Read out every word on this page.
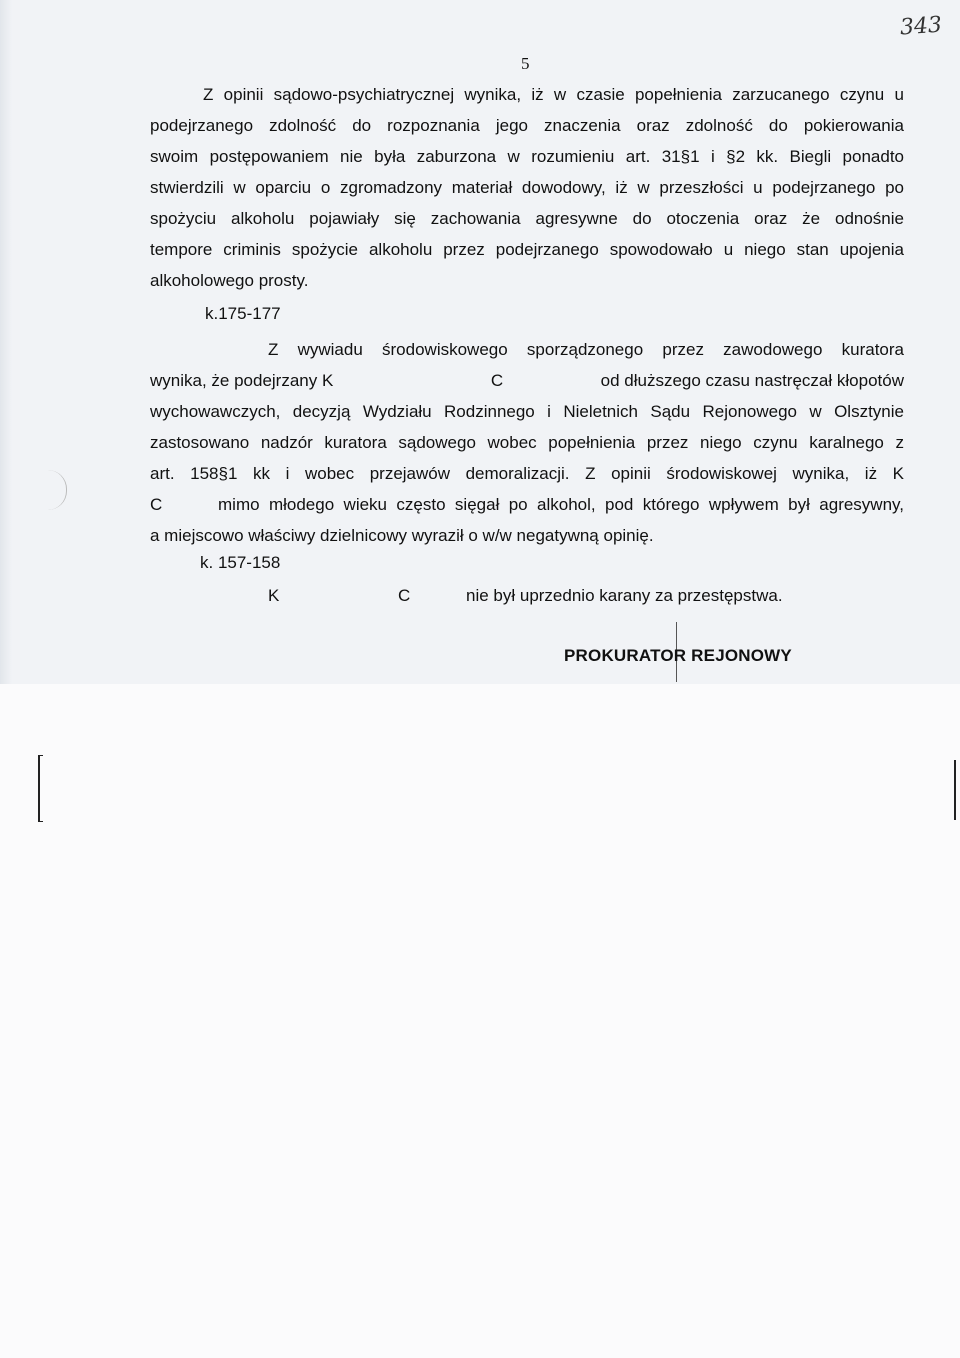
343
5
Z opinii sądowo-psychiatrycznej wynika, iż w czasie popełnienia zarzucanego czynu u
podejrzanego zdolność do rozpoznania jego znaczenia oraz zdolność do pokierowania
swoim postępowaniem nie była zaburzona w rozumieniu art. 31§1 i §2 kk. Biegli ponadto
stwierdzili w oparciu o zgromadzony materiał dowodowy, iż w przeszłości u podejrzanego po
spożyciu alkoholu pojawiały się zachowania agresywne do otoczenia oraz że odnośnie
tempore criminis spożycie alkoholu przez podejrzanego spowodowało u niego stan upojenia
alkoholowego prosty.
k.175-177
Z wywiadu środowiskowego sporządzonego przez zawodowego kuratora
wynika, że podejrzany K	C	od dłuższego czasu nastręczał kłopotów
wychowawczych, decyzją Wydziału Rodzinnego i Nieletnich Sądu Rejonowego w Olsztynie
zastosowano nadzór kuratora sądowego wobec popełnienia przez niego czynu karalnego z
art. 158§1 kk i wobec przejawów demoralizacji. Z opinii środowiskowej wynika, iż K
C	mimo młodego wieku często sięgał po alkohol, pod którego wpływem był agresywny,
a miejscowo właściwy dzielnicowy wyraził o w/w negatywną opinię.
k. 157-158
K	C	nie był uprzednio karany za przestępstwa.
PROKURATOR REJONOWY
